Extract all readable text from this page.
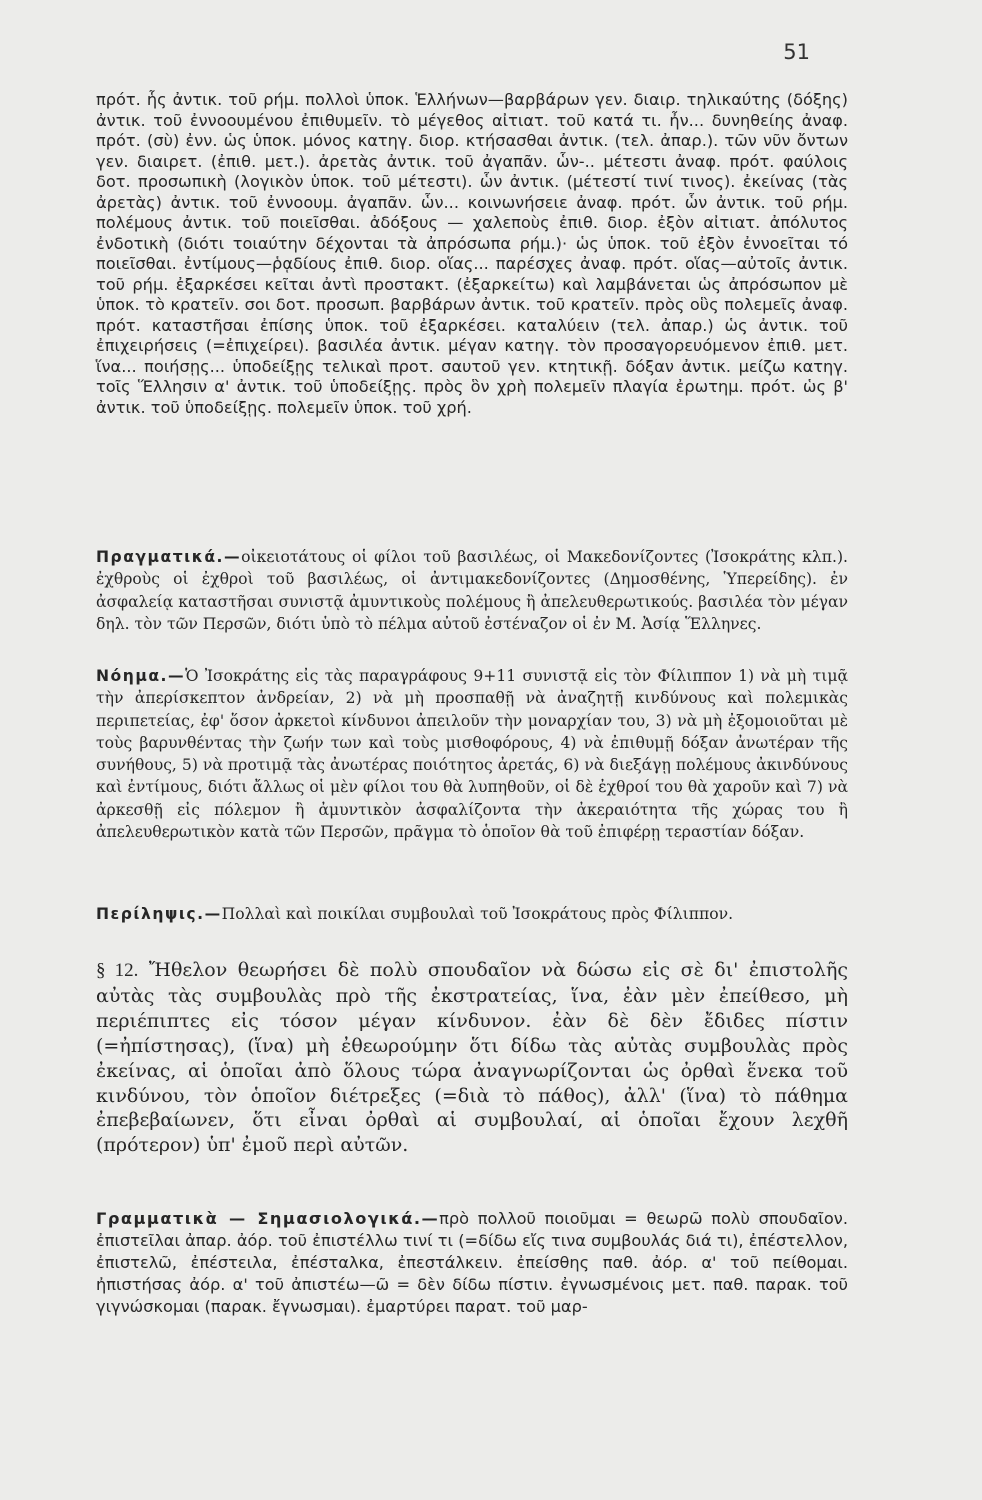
51

πρότ. ἧς ἀντικ. τοῦ ρήμ. πολλοὶ ὑποκ. Ἑλλήνων—βαρβάρων γεν. διαιρ. τηλικαύτης (δόξης) ἀντικ. τοῦ ἐννοουμένου ἐπιθυμεῖν. τὸ μέγεθος αἰτιατ. τοῦ κατά τι. ἦν... δυνηθείης ἀναφ. πρότ. (σὺ) ἐνν. ὡς ὑποκ. μόνος κατηγ. διορ. κτήσασθαι ἀντικ. (τελ. ἀπαρ.). τῶν νῦν ὄντων γεν. διαιρετ. (ἐπιθ. μετ.). ἀρετὰς ἀντικ. τοῦ ἀγαπᾶν. ὧν-.. μέτεστι ἀναφ. πρότ. φαύλοις δοτ. προσωπικὴ (λογικὸν ὑποκ. τοῦ μέτεστι). ὧν ἀντικ. (μέτεστί τινί τινος). ἐκείνας (τὰς ἀρετὰς) ἀντικ. τοῦ ἐννοουμ. ἀγαπᾶν. ὧν... κοινωνήσειε ἀναφ. πρότ. ὧν ἀντικ. τοῦ ρήμ. πολέμους ἀντικ. τοῦ ποιεῖσθαι. ἀδόξους — χαλεποὺς ἐπιθ. διορ. ἐξὸν αἰτιατ. ἀπόλυτος ἐνδοτικὴ (διότι τοιαύτην δέχονται τὰ ἀπρόσωπα ρήμ.)· ὡς ὑποκ. τοῦ ἐξὸν ἐννοεῖται τό ποιεῖσθαι. ἐντίμους—ῥᾳδίους ἐπιθ. διορ. οἵας... παρέσχες ἀναφ. πρότ. οἵας—αὐτοῖς ἀντικ. τοῦ ρήμ. ἐξαρκέσει κεῖται ἀντὶ προστακτ. (ἐξαρκείτω) καὶ λαμβάνεται ὡς ἀπρόσωπον μὲ ὑποκ. τὸ κρατεῖν. σοι δοτ. προσωπ. βαρβάρων ἀντικ. τοῦ κρατεῖν. πρὸς οὓς πολεμεῖς ἀναφ. πρότ. καταστῆσαι ἐπίσης ὑποκ. τοῦ ἐξαρκέσει. καταλύειν (τελ. ἀπαρ.) ὡς ἀντικ. τοῦ ἐπιχειρήσεις (=ἐπιχείρει). βασιλέα ἀντικ. μέγαν κατηγ. τὸν προσαγορευόμενον ἐπιθ. μετ. ἵνα... ποιήσῃς... ὑποδείξῃς τελικαὶ προτ. σαυτοῦ γεν. κτητικῇ. δόξαν ἀντικ. μείζω κατηγ. τοῖς Ἕλλησιν α' ἀντικ. τοῦ ὑποδείξῃς. πρὸς ὃν χρὴ πολεμεῖν πλαγία ἐρωτημ. πρότ. ὡς β' ἀντικ. τοῦ ὑποδείξῃς. πολεμεῖν ὑποκ. τοῦ χρή.

Πραγματικά.—οἰκειοτάτους οἱ φίλοι τοῦ βασιλέως, οἱ Μακεδονίζοντες (Ἰσοκράτης κλπ.). ἐχθροὺς οἱ ἐχθροὶ τοῦ βασιλέως, οἱ ἀντιμακεδονίζοντες (Δημοσθένης, Ὑπερείδης). ἐν ἀσφαλείᾳ καταστῆσαι συνιστᾷ ἀμυντικοὺς πολέμους ἢ ἀπελευθερωτικούς. βασιλέα τὸν μέγαν δηλ. τὸν τῶν Περσῶν, διότι ὑπὸ τὸ πέλμα αὐτοῦ ἐστέναζον οἱ ἐν Μ. Ἀσίᾳ Ἕλληνες.

Νόημα.—Ὁ Ἰσοκράτης εἰς τὰς παραγράφους 9+11 συνιστᾷ εἰς τὸν Φίλιππον 1) νὰ μὴ τιμᾷ τὴν ἀπερίσκεπτον ἀνδρείαν, 2) νὰ μὴ προσπαθῇ νὰ ἀναζητῇ κινδύνους καὶ πολεμικὰς περιπετείας, ἐφ' ὅσον ἀρκετοὶ κίνδυνοι ἀπειλοῦν τὴν μοναρχίαν του, 3) νὰ μὴ ἐξομοιοῦται μὲ τοὺς βαρυνθέντας τὴν ζωήν των καὶ τοὺς μισθοφόρους, 4) νὰ ἐπιθυμῇ δόξαν ἀνωτέραν τῆς συνήθους, 5) νὰ προτιμᾷ τὰς ἀνωτέρας ποιότητος ἀρετάς, 6) νὰ διεξάγῃ πολέμους ἀκινδύνους καὶ ἐντίμους, διότι ἄλλως οἱ μὲν φίλοι του θὰ λυπηθοῦν, οἱ δὲ ἐχθροί του θὰ χαροῦν καὶ 7) νὰ ἀρκεσθῇ εἰς πόλεμον ἢ ἀμυντικὸν ἀσφαλίζοντα τὴν ἀκεραιότητα τῆς χώρας του ἢ ἀπελευθερωτικὸν κατὰ τῶν Περσῶν, πρᾶγμα τὸ ὁποῖον θὰ τοῦ ἐπιφέρῃ τεραστίαν δόξαν.

Περίληψις.—Πολλαὶ καὶ ποικίλαι συμβουλαὶ τοῦ Ἰσοκράτους πρὸς Φίλιππον.

§ 12. Ἤθελον θεωρήσει δὲ πολὺ σπουδαῖον νὰ δώσω εἰς σὲ δι' ἐπιστολῆς αὐτὰς τὰς συμβουλὰς πρὸ τῆς ἐκστρατείας, ἵνα, ἐὰν μὲν ἐπείθεσο, μὴ περιέπιπτες εἰς τόσον μέγαν κίνδυνον. ἐὰν δὲ δὲν ἔδιδες πίστιν (=ἠπίστησας), (ἵνα) μὴ ἐθεωρούμην ὅτι δίδω τὰς αὐτὰς συμβουλὰς πρὸς ἐκείνας, αἱ ὁποῖαι ἀπὸ ὅλους τώρα ἀναγνωρίζονται ὡς ὀρθαὶ ἕνεκα τοῦ κινδύνου, τὸν ὁποῖον διέτρεξες (=διὰ τὸ πάθος), ἀλλ' (ἵνα) τὸ πάθημα ἐπεβεβαίωνεν, ὅτι εἶναι ὀρθαὶ αἱ συμβουλαί, αἱ ὁποῖαι ἔχουν λεχθῆ (πρότερον) ὑπ' ἐμοῦ περὶ αὐτῶν.

Γραμματικὰ — Σημασιολογικά.—πρὸ πολλοῦ ποιοῦμαι = θεωρῶ πολὺ σπουδαῖον. ἐπιστεῖλαι ἀπαρ. ἀόρ. τοῦ ἐπιστέλλω τινί τι (=δίδω εἴς τινα συμβουλάς διά τι), ἐπέστελλον, ἐπιστελῶ, ἐπέστειλα, ἐπέσταλκα, ἐπεστάλκειν. ἐπείσθης παθ. ἀόρ. α' τοῦ πείθομαι. ἠπιστήσας ἀόρ. α' τοῦ ἀπιστέω—ῶ = δὲν δίδω πίστιν. ἐγνωσμένοις μετ. παθ. παρακ. τοῦ γιγνώσκομαι (παρακ. ἔγνωσμαι). ἐμαρτύρει παρατ. τοῦ μαρ-
